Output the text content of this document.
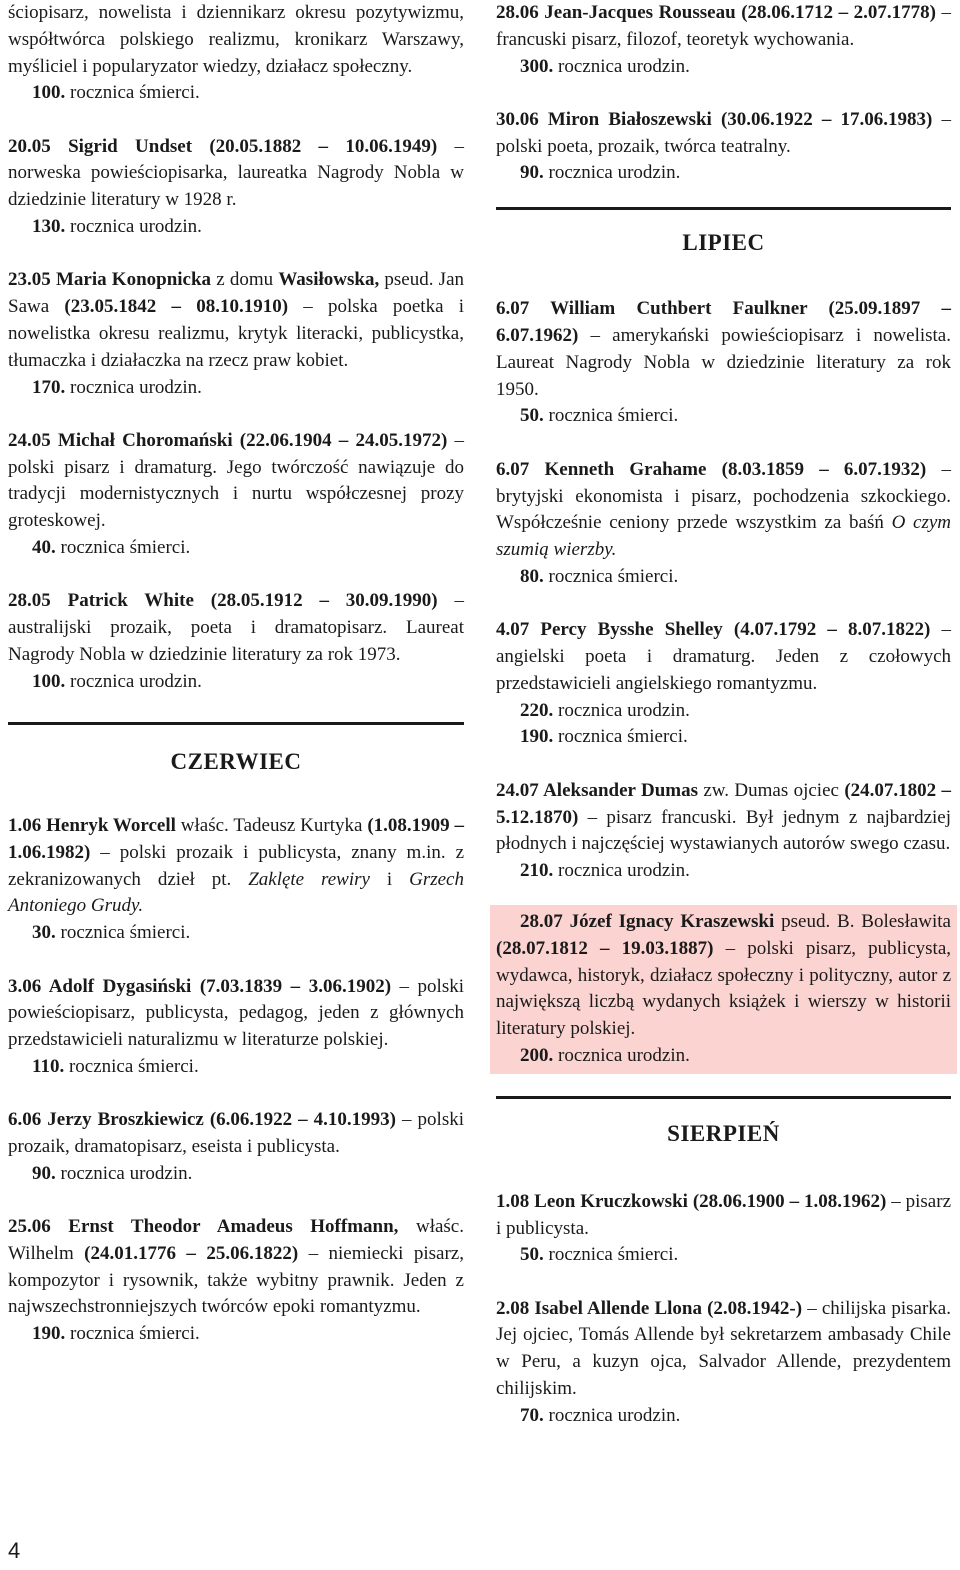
ściopisarz, nowelista i dziennikarz okresu pozytywizmu, współtwórca polskiego realizmu, kronikarz Warszawy, myśliciel i popularyzator wiedzy, działacz społeczny.
100. rocznica śmierci.
20.05 Sigrid Undset (20.05.1882 – 10.06.1949) – norweska powieściopisarka, laureatka Nagrody Nobla w dziedzinie literatury w 1928 r.
130. rocznica urodzin.
23.05 Maria Konopnicka z domu Wasiłowska, pseud. Jan Sawa (23.05.1842 – 08.10.1910) – polska poetka i nowelistka okresu realizmu, krytyk literacki, publicystka, tłumaczka i działaczka na rzecz praw kobiet.
170. rocznica urodzin.
24.05 Michał Choromański (22.06.1904 – 24.05.1972) – polski pisarz i dramaturg. Jego twórczość nawiązuje do tradycji modernistycznych i nurtu współczesnej prozy groteskowej.
40. rocznica śmierci.
28.05 Patrick White (28.05.1912 – 30.09.1990) – australijski prozaik, poeta i dramatopisarz. Laureat Nagrody Nobla w dziedzinie literatury za rok 1973.
100. rocznica urodzin.
CZERWIEC
1.06 Henryk Worcell właśc. Tadeusz Kurtyka (1.08.1909 – 1.06.1982) – polski prozaik i publicysta, znany m.in. z zekranizowanych dzieł pt. Zaklęte rewiry i Grzech Antoniego Grudy.
30. rocznica śmierci.
3.06 Adolf Dygasiński (7.03.1839 – 3.06.1902) – polski powieściopisarz, publicysta, pedagog, jeden z głównych przedstawicieli naturalizmu w literaturze polskiej.
110. rocznica śmierci.
6.06 Jerzy Broszkiewicz (6.06.1922 – 4.10.1993) – polski prozaik, dramatopisarz, eseista i publicysta.
90. rocznica urodzin.
25.06 Ernst Theodor Amadeus Hoffmann, właśc. Wilhelm (24.01.1776 – 25.06.1822) – niemiecki pisarz, kompozytor i rysownik, także wybitny prawnik. Jeden z najwszechstronniejszych twórców epoki romantyzmu.
190. rocznica śmierci.
28.06 Jean-Jacques Rousseau (28.06.1712 – 2.07.1778) – francuski pisarz, filozof, teoretyk wychowania.
300. rocznica urodzin.
30.06 Miron Białoszewski (30.06.1922 – 17.06.1983) – polski poeta, prozaik, twórca teatralny.
90. rocznica urodzin.
LIPIEC
6.07 William Cuthbert Faulkner (25.09.1897 – 6.07.1962) – amerykański powieściopisarz i nowelista. Laureat Nagrody Nobla w dziedzinie literatury za rok 1950.
50. rocznica śmierci.
6.07 Kenneth Grahame (8.03.1859 – 6.07.1932) – brytyjski ekonomista i pisarz, pochodzenia szkockiego. Współcześnie ceniony przede wszystkim za baśń O czym szumią wierzby.
80. rocznica śmierci.
4.07 Percy Bysshe Shelley (4.07.1792 – 8.07.1822) – angielski poeta i dramaturg. Jeden z czołowych przedstawicieli angielskiego romantyzmu.
220. rocznica urodzin.
190. rocznica śmierci.
24.07 Aleksander Dumas zw. Dumas ojciec (24.07.1802 – 5.12.1870) – pisarz francuski. Był jednym z najbardziej płodnych i najczęściej wystawianych autorów swego czasu.
210. rocznica urodzin.
28.07 Józef Ignacy Kraszewski pseud. B. Bolesławita (28.07.1812 – 19.03.1887) – polski pisarz, publicysta, wydawca, historyk, działacz społeczny i polityczny, autor z największą liczbą wydanych książek i wierszy w historii literatury polskiej.
200. rocznica urodzin.
SIERPIEŃ
1.08 Leon Kruczkowski (28.06.1900 – 1.08.1962) – pisarz i publicysta.
50. rocznica śmierci.
2.08 Isabel Allende Llona (2.08.1942-) – chilijska pisarka. Jej ojciec, Tomás Allende był sekretarzem ambasady Chile w Peru, a kuzyn ojca, Salvador Allende, prezydentem chilijskim.
70. rocznica urodzin.
4
